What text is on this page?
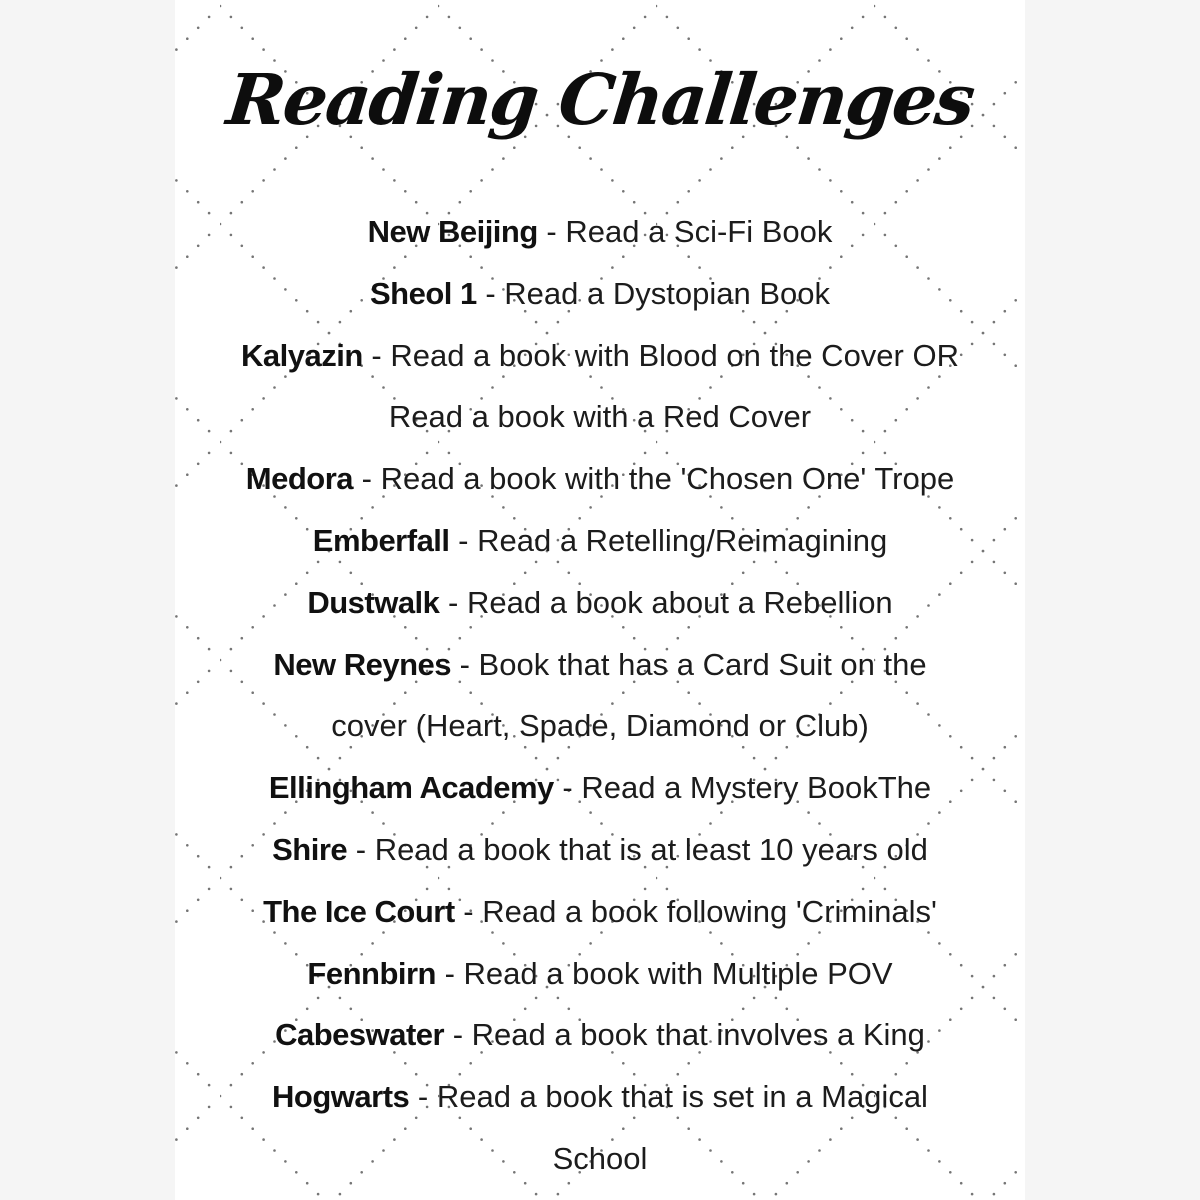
Reading Challenges
New Beijing - Read a Sci-Fi Book
Sheol 1 - Read a Dystopian Book
Kalyazin - Read a book with Blood on the Cover OR
Read a book with a Red Cover
Medora - Read a book with the 'Chosen One' Trope
Emberfall - Read a Retelling/Reimagining
Dustwalk - Read a book about a Rebellion
New Reynes - Book that has a Card Suit on the
cover (Heart, Spade, Diamond or Club)
Ellingham Academy - Read a Mystery BookThe
Shire - Read a book that is at least 10 years old
The Ice Court - Read a book following 'Criminals'
Fennbirn - Read a book with Multiple POV
Cabeswater - Read a book that involves a King
Hogwarts - Read a book that is set in a Magical
School
